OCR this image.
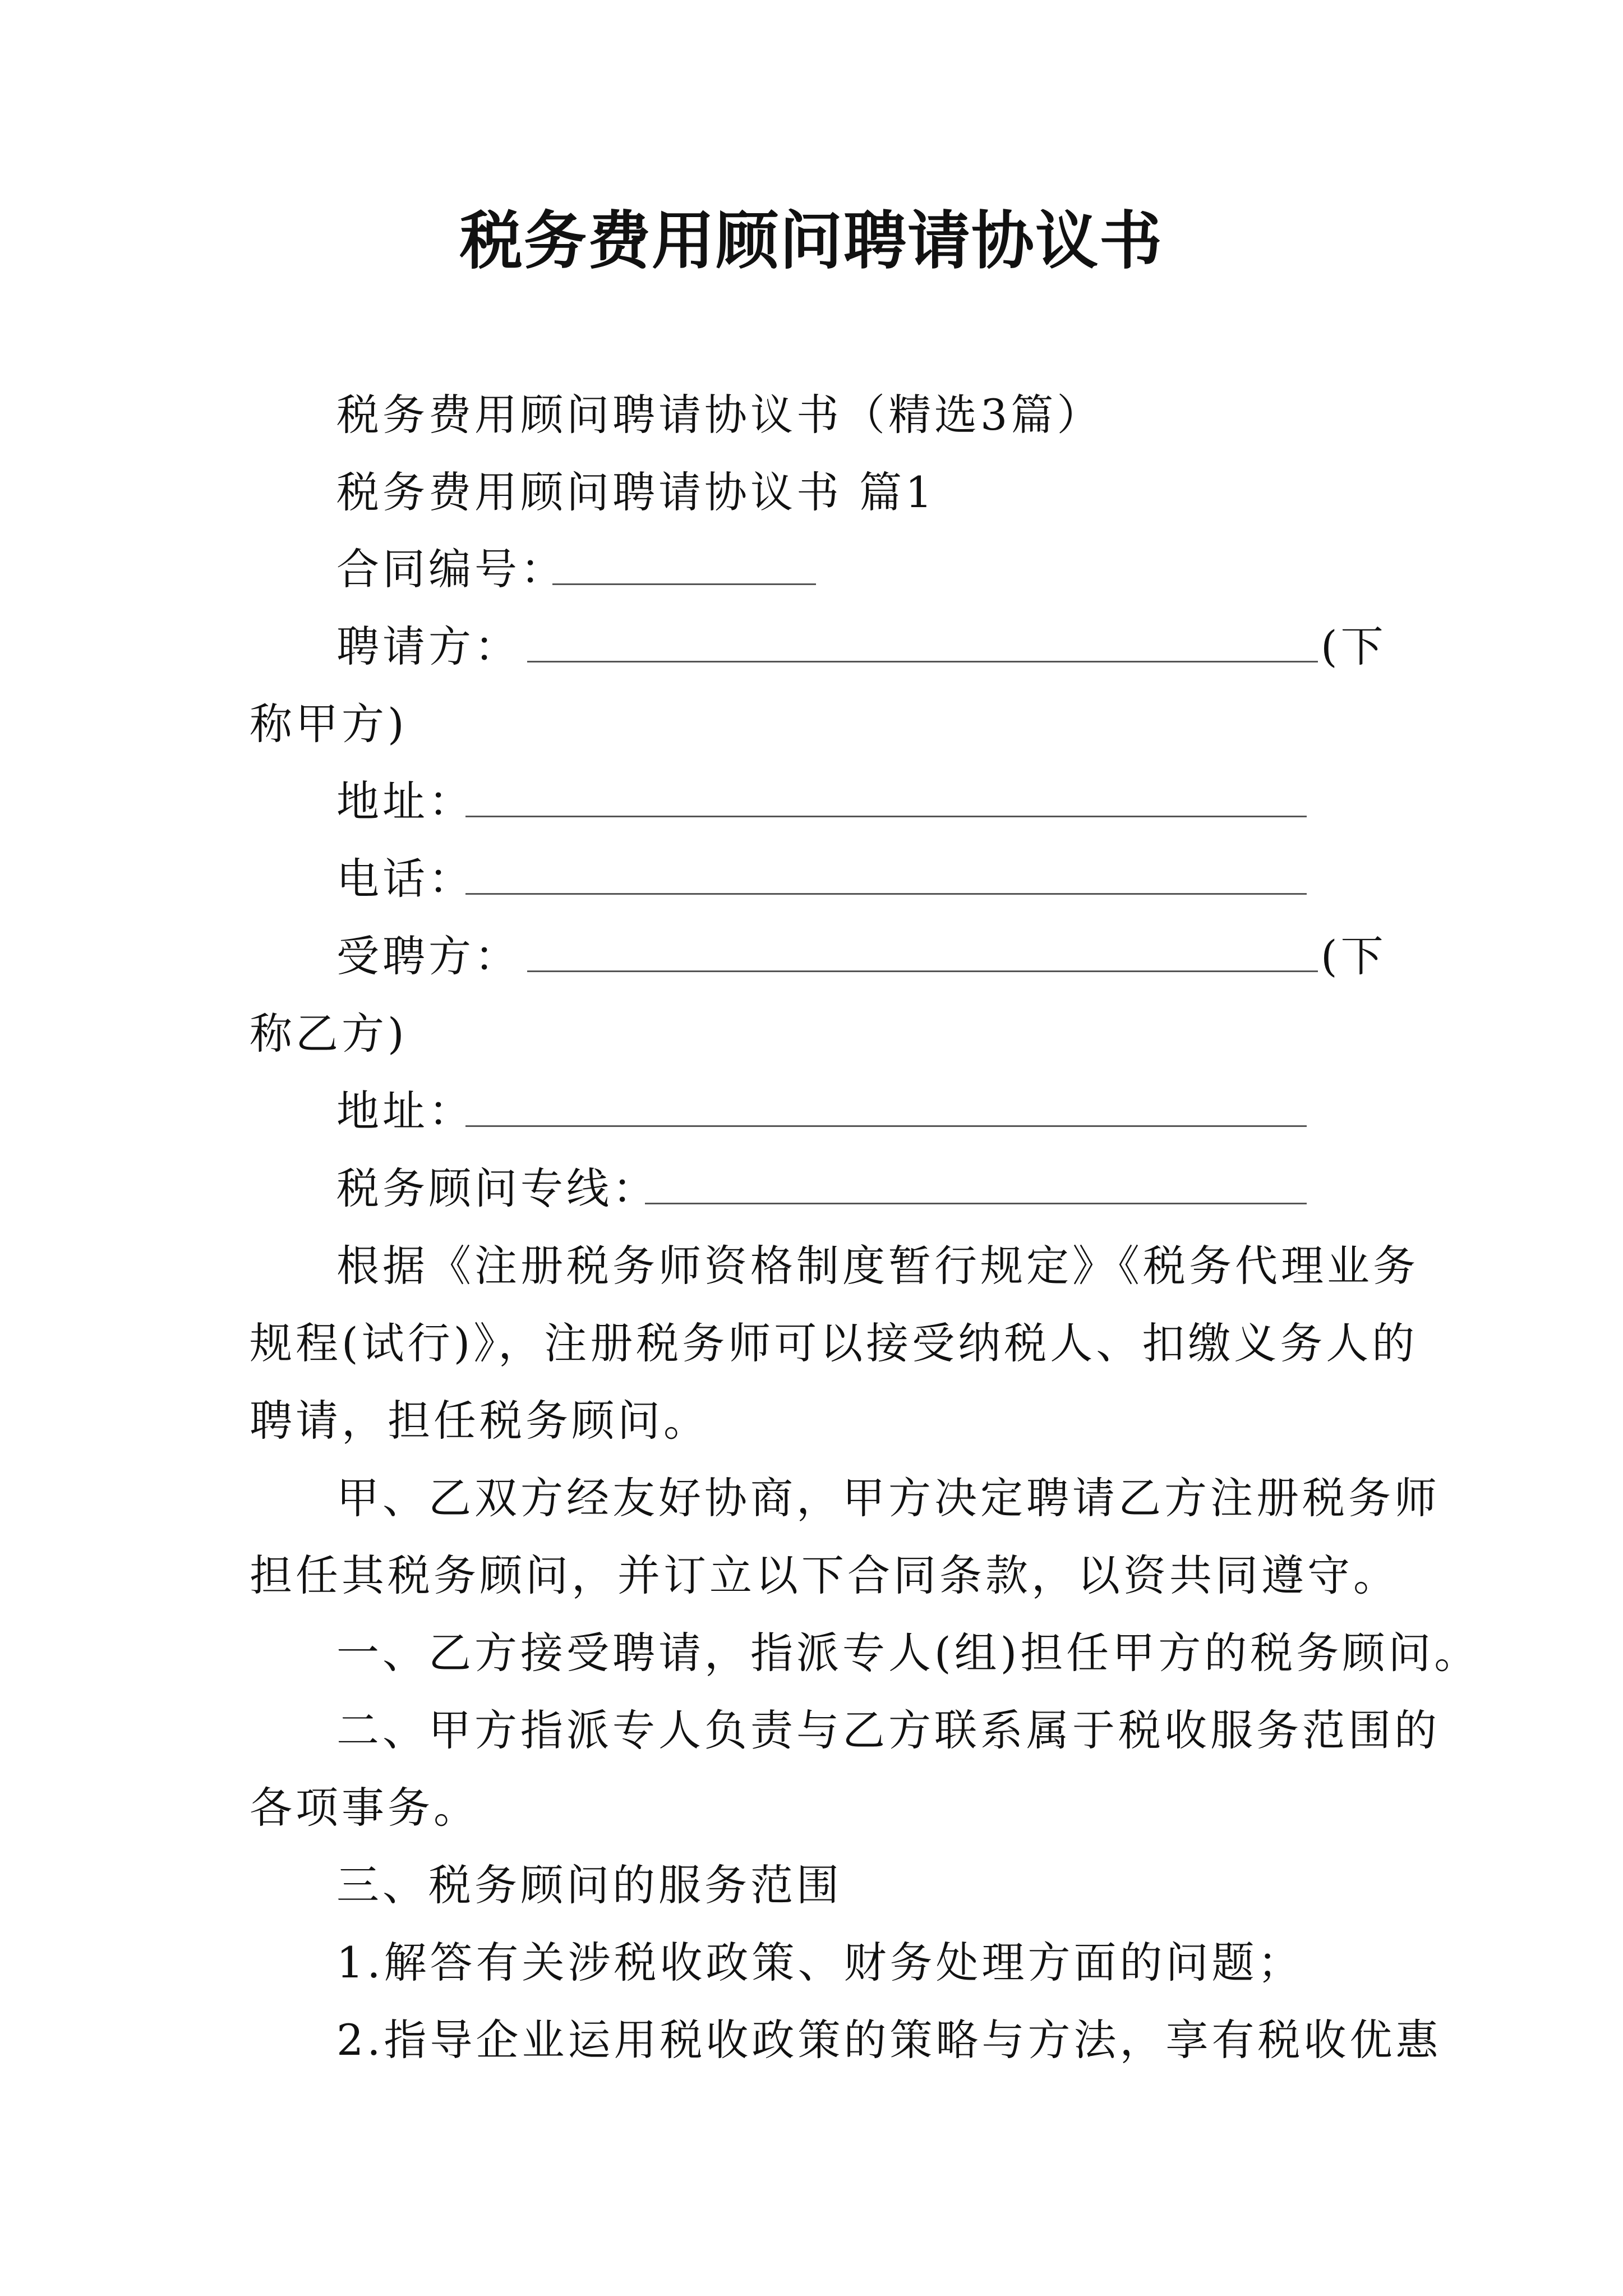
税务费用顾问聘请协议书
税务费用顾问聘请协议书（精选3篇）
税务费用顾问聘请协议书 篇1
合同编号：
聘请方：	(下
称甲方)
地址：
电话：
受聘方：	(下
称乙方)
地址：
税务顾问专线：
根据《注册税务师资格制度暂行规定》《税务代理业务
规程(试行)》，注册税务师可以接受纳税人、扣缴义务人的
聘请，担任税务顾问。
甲、乙双方经友好协商，甲方决定聘请乙方注册税务师
担任其税务顾问，并订立以下合同条款，以资共同遵守。
一、乙方接受聘请，指派专人(组)担任甲方的税务顾问。
二、甲方指派专人负责与乙方联系属于税收服务范围的
各项事务。
三、税务顾问的服务范围
1.解答有关涉税收政策、财务处理方面的问题；
2.指导企业运用税收政策的策略与方法，享有税收优惠
